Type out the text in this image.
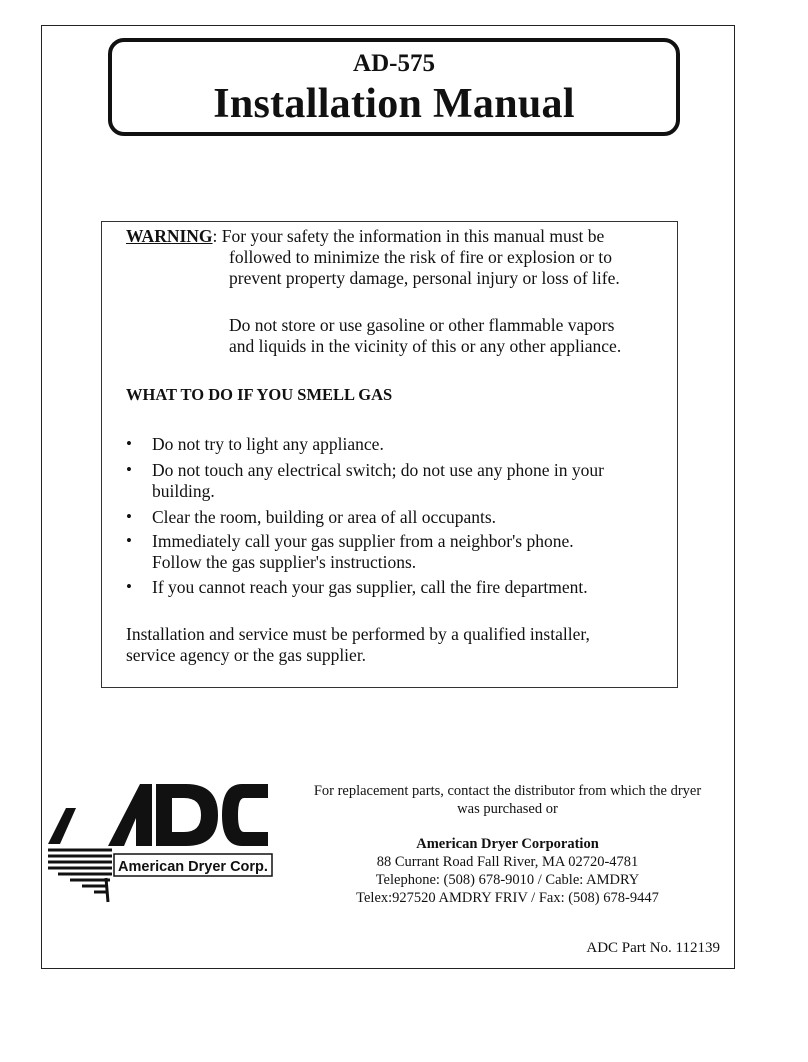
AD-575
Installation Manual
WARNING: For your safety the information in this manual must be
followed to minimize the risk of fire or explosion or to
prevent property damage, personal injury or loss of life.
Do not store or use gasoline or other flammable vapors
and liquids in the vicinity of this or any other appliance.
WHAT TO DO IF YOU SMELL GAS
• Do not try to light any appliance.
• Do not touch any electrical switch; do not use any phone in your
building.
• Clear the room, building or area of all occupants.
• Immediately call your gas supplier from a neighbor's phone.
Follow the gas supplier's instructions.
• If you cannot reach your gas supplier, call the fire department.
Installation and service must be performed by a qualified installer,
service agency or the gas supplier.
American Dryer Corp.
For replacement parts, contact the distributor from which the dryer
was purchased or
American Dryer Corporation
88 Currant Road Fall River, MA 02720-4781
Telephone: (508) 678-9010 / Cable: AMDRY
Telex:927520 AMDRY FRIV / Fax: (508) 678-9447
ADC Part No. 112139
